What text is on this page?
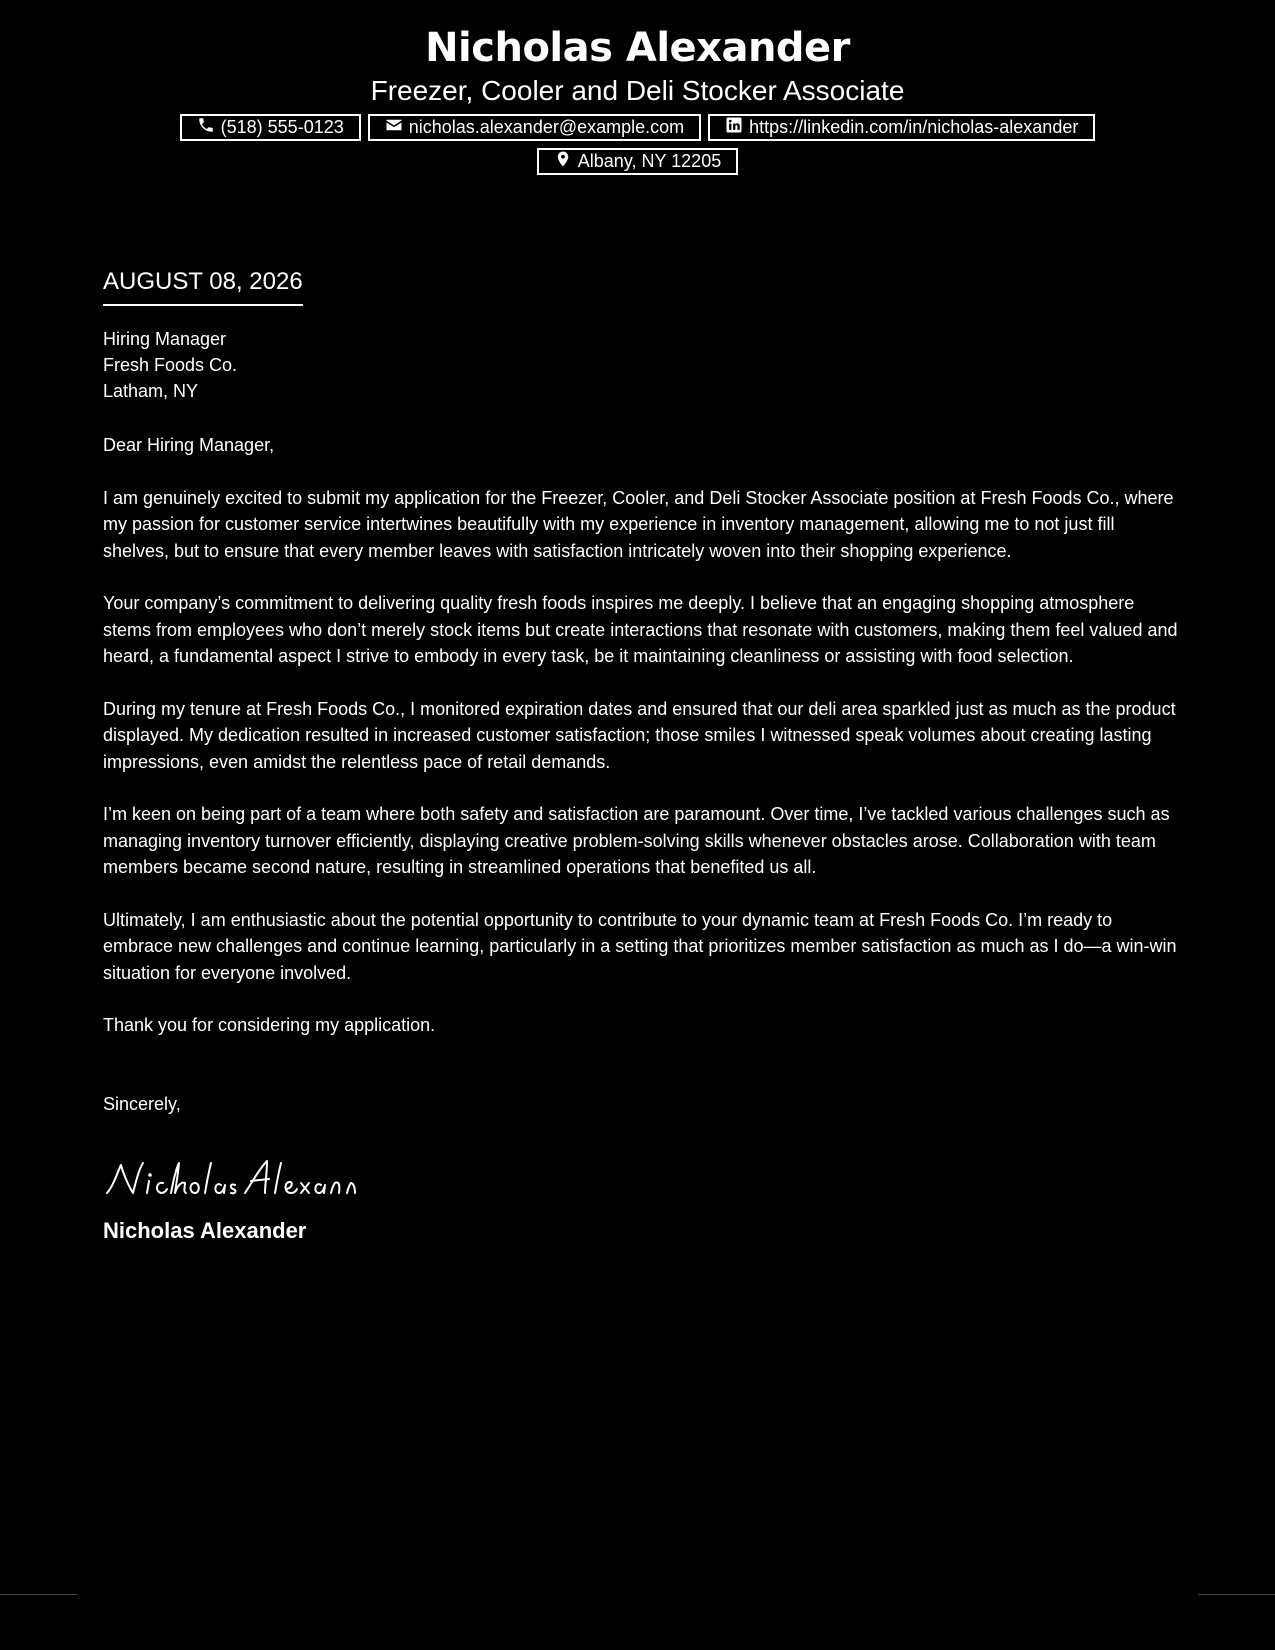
Nicholas Alexander
Freezer, Cooler and Deli Stocker Associate
(518) 555-0123	nicholas.alexander@example.com	https://linkedin.com/in/nicholas-alexander
Albany, NY 12205
AUGUST 08, 2026
Hiring Manager
Fresh Foods Co.
Latham, NY
Dear Hiring Manager,

I am genuinely excited to submit my application for the Freezer, Cooler, and Deli Stocker Associate position at Fresh Foods Co., where my passion for customer service intertwines beautifully with my experience in inventory management, allowing me to not just fill shelves, but to ensure that every member leaves with satisfaction intricately woven into their shopping experience.

Your company’s commitment to delivering quality fresh foods inspires me deeply. I believe that an engaging shopping atmosphere stems from employees who don’t merely stock items but create interactions that resonate with customers, making them feel valued and heard, a fundamental aspect I strive to embody in every task, be it maintaining cleanliness or assisting with food selection.

During my tenure at Fresh Foods Co., I monitored expiration dates and ensured that our deli area sparkled just as much as the product displayed. My dedication resulted in increased customer satisfaction; those smiles I witnessed speak volumes about creating lasting impressions, even amidst the relentless pace of retail demands.

I’m keen on being part of a team where both safety and satisfaction are paramount. Over time, I’ve tackled various challenges such as managing inventory turnover efficiently, displaying creative problem-solving skills whenever obstacles arose. Collaboration with team members became second nature, resulting in streamlined operations that benefited us all.

Ultimately, I am enthusiastic about the potential opportunity to contribute to your dynamic team at Fresh Foods Co. I’m ready to embrace new challenges and continue learning, particularly in a setting that prioritizes member satisfaction as much as I do—a win-win situation for everyone involved.

Thank you for considering my application.

Sincerely,
Nicholas Alexander
